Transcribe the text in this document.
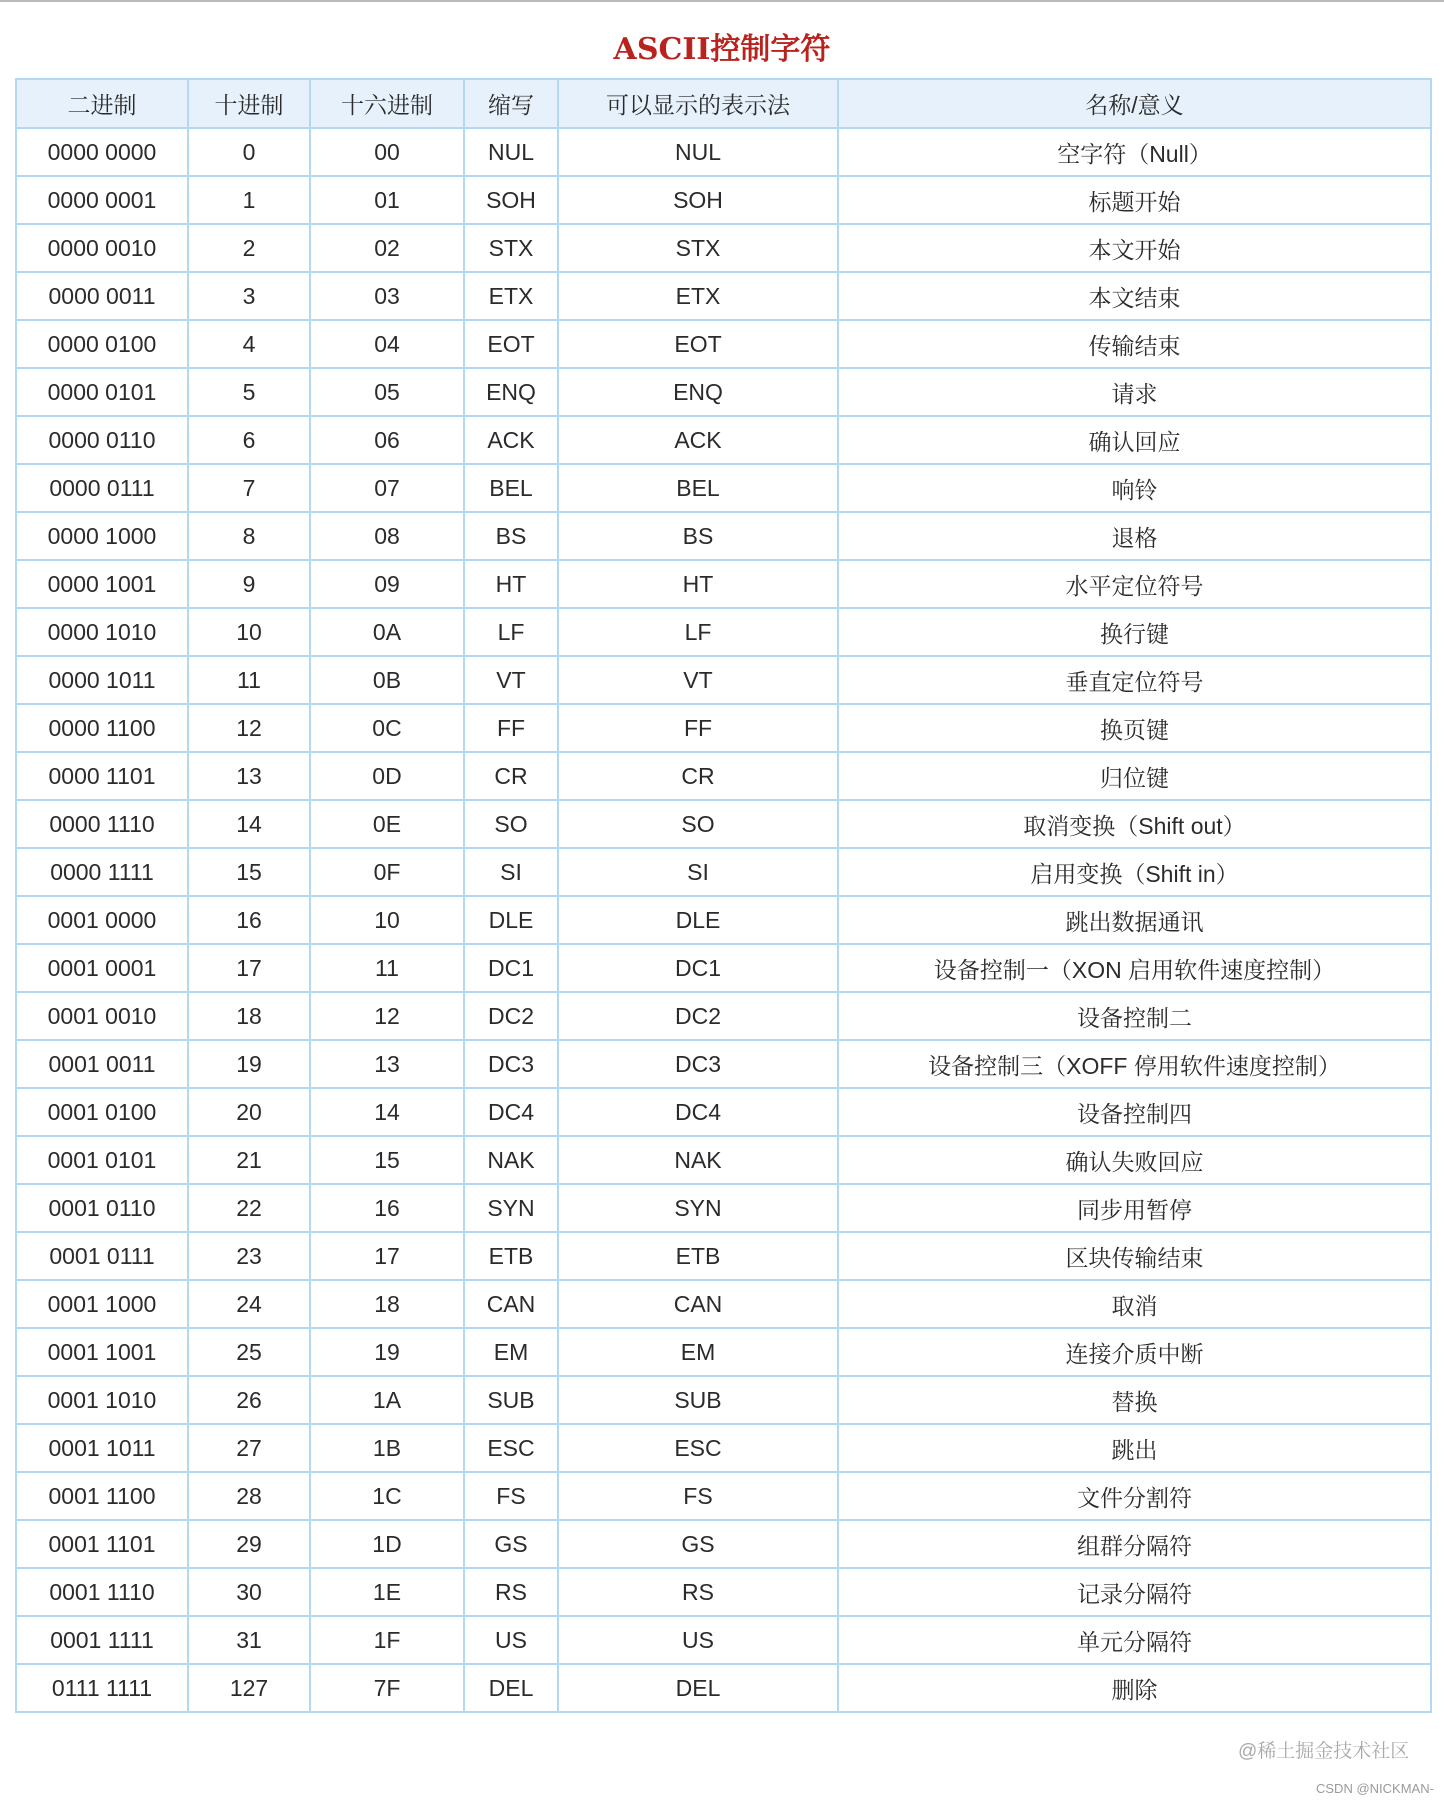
ASCII控制字符
二进制	十进制	十六进制	缩写	可以显示的表示法	名称/意义
0000 0000	0	00	NUL	NUL	空字符（Null）
0000 0001	1	01	SOH	SOH	标题开始
0000 0010	2	02	STX	STX	本文开始
0000 0011	3	03	ETX	ETX	本文结束
0000 0100	4	04	EOT	EOT	传输结束
0000 0101	5	05	ENQ	ENQ	请求
0000 0110	6	06	ACK	ACK	确认回应
0000 0111	7	07	BEL	BEL	响铃
0000 1000	8	08	BS	BS	退格
0000 1001	9	09	HT	HT	水平定位符号
0000 1010	10	0A	LF	LF	换行键
0000 1011	11	0B	VT	VT	垂直定位符号
0000 1100	12	0C	FF	FF	换页键
0000 1101	13	0D	CR	CR	归位键
0000 1110	14	0E	SO	SO	取消变换（Shift out）
0000 1111	15	0F	SI	SI	启用变换（Shift in）
0001 0000	16	10	DLE	DLE	跳出数据通讯
0001 0001	17	11	DC1	DC1	设备控制一（XON 启用软件速度控制）
0001 0010	18	12	DC2	DC2	设备控制二
0001 0011	19	13	DC3	DC3	设备控制三（XOFF 停用软件速度控制）
0001 0100	20	14	DC4	DC4	设备控制四
0001 0101	21	15	NAK	NAK	确认失败回应
0001 0110	22	16	SYN	SYN	同步用暂停
0001 0111	23	17	ETB	ETB	区块传输结束
0001 1000	24	18	CAN	CAN	取消
0001 1001	25	19	EM	EM	连接介质中断
0001 1010	26	1A	SUB	SUB	替换
0001 1011	27	1B	ESC	ESC	跳出
0001 1100	28	1C	FS	FS	文件分割符
0001 1101	29	1D	GS	GS	组群分隔符
0001 1110	30	1E	RS	RS	记录分隔符
0001 1111	31	1F	US	US	单元分隔符
0111 1111	127	7F	DEL	DEL	删除
@稀土掘金技术社区
CSDN @NICKMAN-
